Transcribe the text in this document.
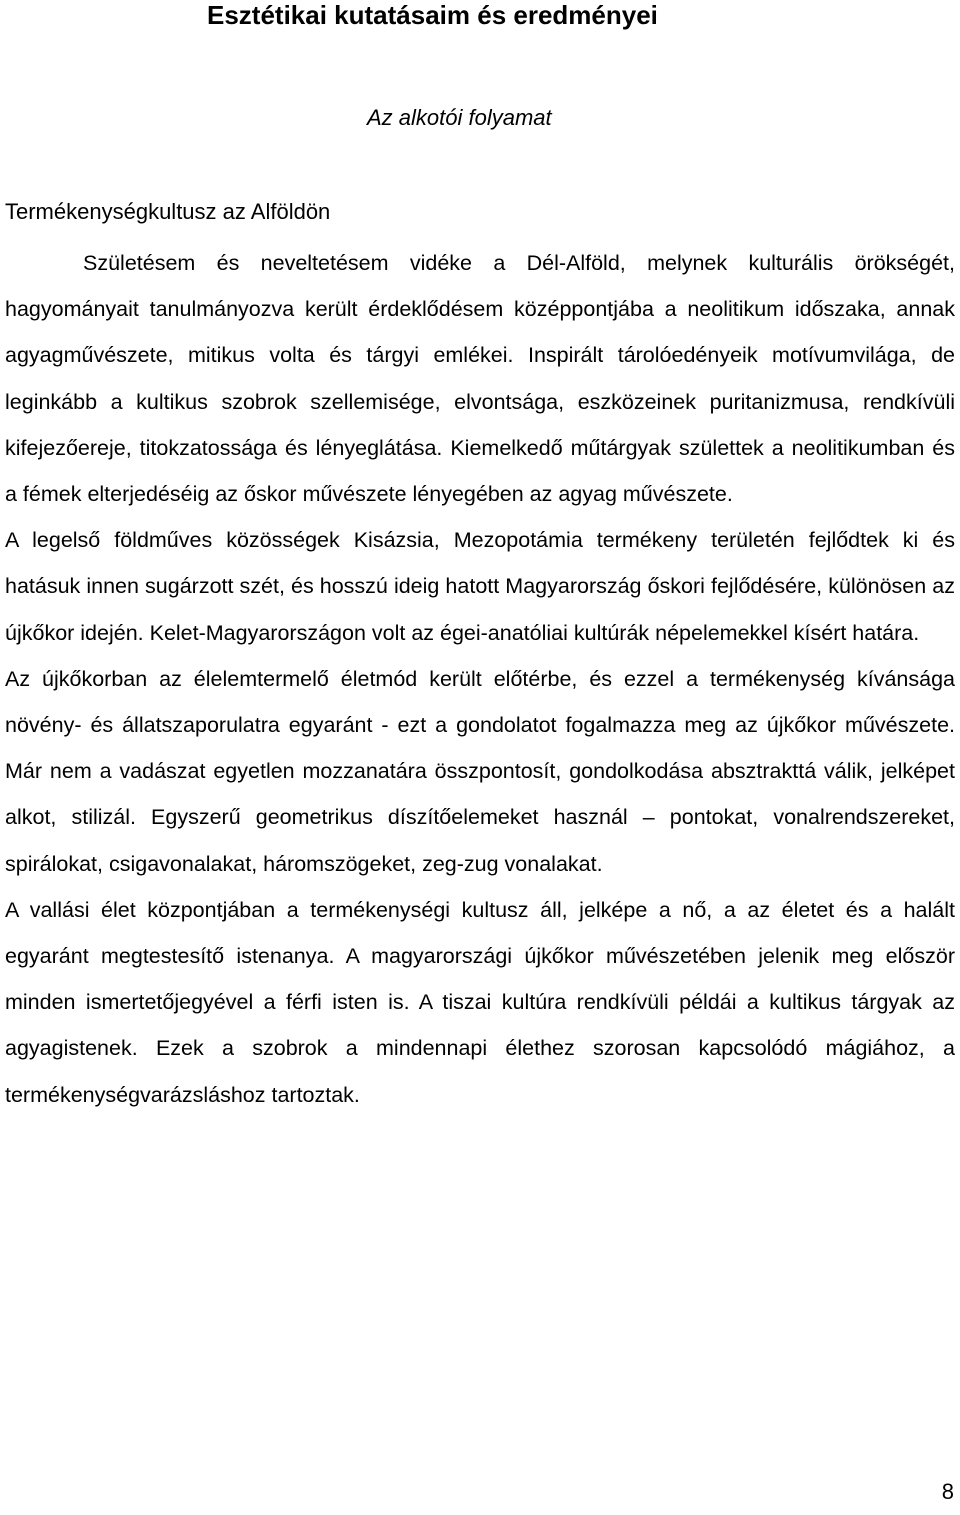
Esztétikai kutatásaim és eredményei
Az alkotói folyamat
Termékenységkultusz az Alföldön

Születésem és neveltetésem vidéke a Dél-Alföld, melynek kulturális örökségét, hagyományait tanulmányozva került érdeklődésem középpontjába a neolitikum időszaka, annak agyagművészete, mitikus volta és tárgyi emlékei. Inspirált tárolóedényeik motívumvilága, de leginkább a kultikus szobrok szellemisége, elvontsága, eszközeinek puritanizmusa, rendkívüli kifejezőereje, titokzatossága és lényeglátása. Kiemelkedő műtárgyak születtek a neolitikumban és a fémek elterjedéséig az őskor művészete lényegében az agyag művészete.

A legelső földműves közösségek Kisázsia, Mezopotámia termékeny területén fejlődtek ki és hatásuk innen sugárzott szét, és hosszú ideig hatott Magyarország őskori fejlődésére, különösen az újkőkor idején. Kelet-Magyarországon volt az égei-anatóliai kultúrák népelemekkel kísért határa.

Az újkőkorban az élelemtermelő életmód került előtérbe, és ezzel a termékenység kívánsága növény- és állatszaporulatra egyaránt - ezt a gondolatot fogalmazza meg az újkőkor művészete. Már nem a vadászat egyetlen mozzanatára összpontosít, gondolkodása absztrakttá válik, jelképet alkot, stilizál. Egyszerű geometrikus díszítőelemeket használ – pontokat, vonalrendszereket, spirálokat, csigavonalakat, háromszögeket, zeg-zug vonalakat.

A vallási élet központjában a termékenységi kultusz áll, jelképe a nő, a az életet és a halált egyaránt megtestesítő istenanya. A magyarországi újkőkor művészetében jelenik meg először minden ismertetőjegyével a férfi isten is. A tiszai kultúra rendkívüli példái a kultikus tárgyak az agyagistenek. Ezek a szobrok a mindennapi élethez szorosan kapcsolódó mágiához, a termékenységvarázsláshoz tartoztak.

8
